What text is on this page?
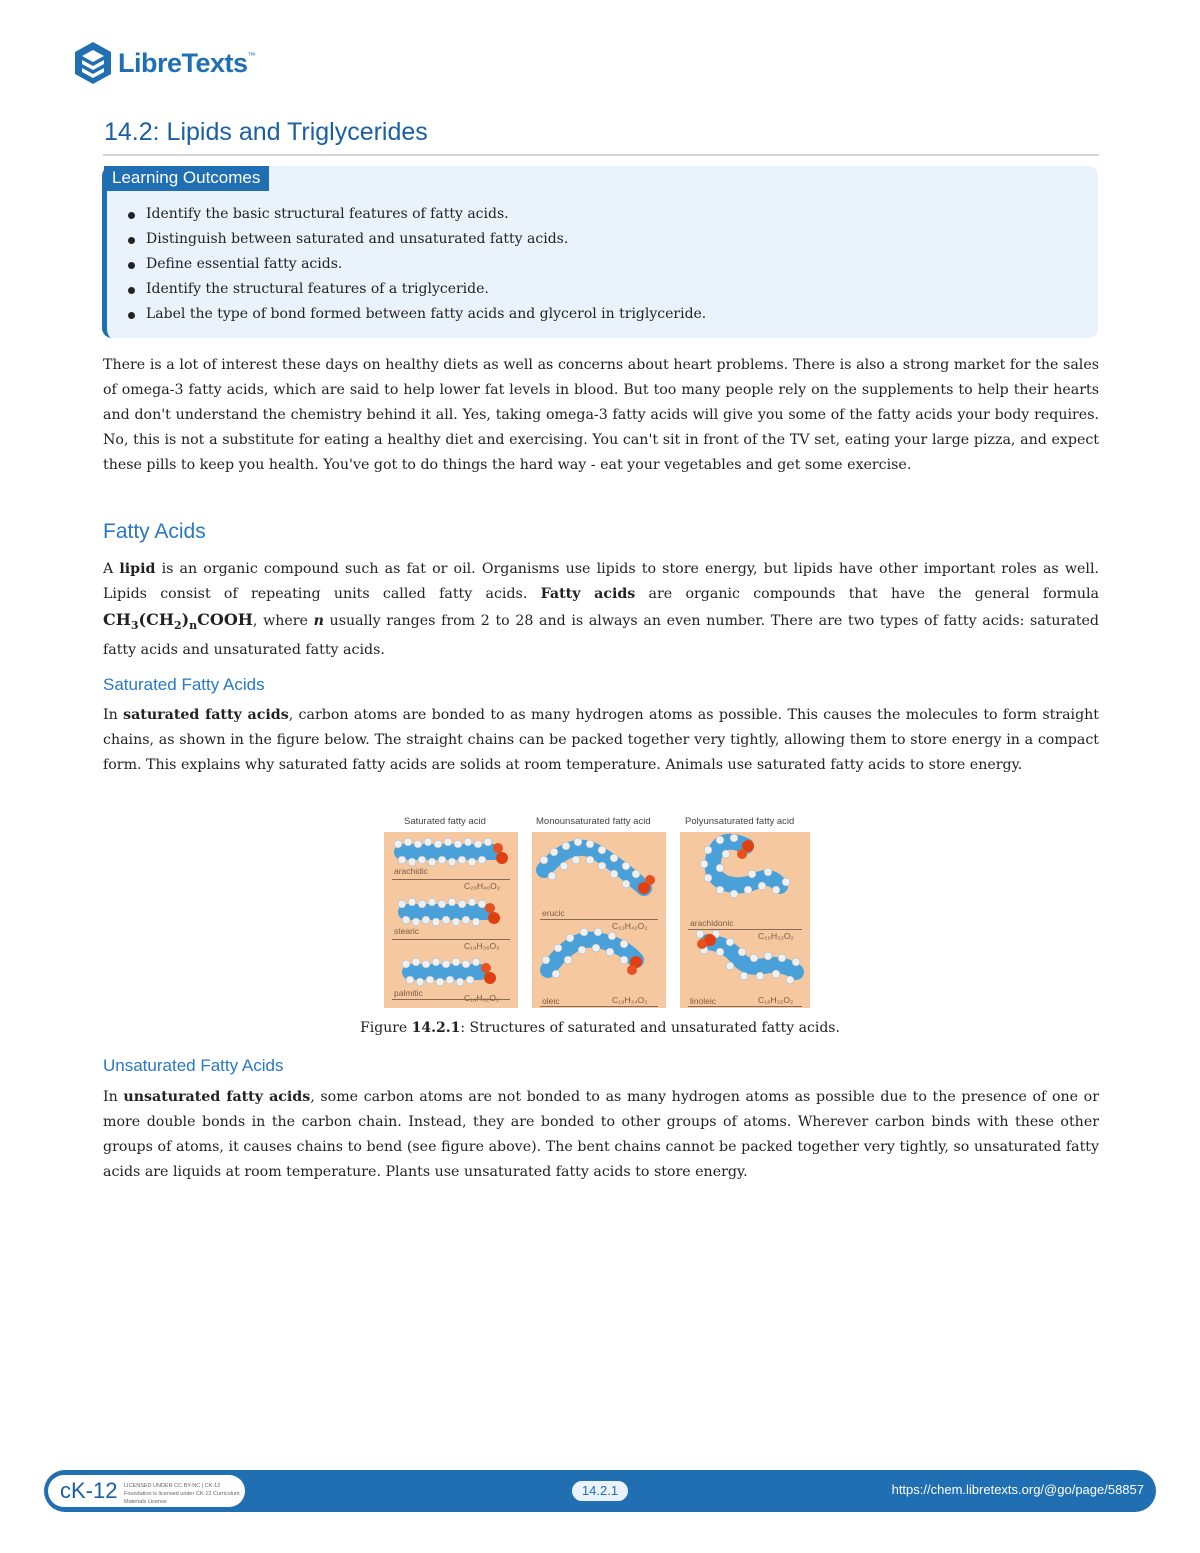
LibreTexts ™
14.2: Lipids and Triglycerides
Learning Outcomes
Identify the basic structural features of fatty acids.
Distinguish between saturated and unsaturated fatty acids.
Define essential fatty acids.
Identify the structural features of a triglyceride.
Label the type of bond formed between fatty acids and glycerol in triglyceride.

There is a lot of interest these days on healthy diets as well as concerns about heart problems. There is also a strong market for the sales of omega-3 fatty acids, which are said to help lower fat levels in blood. But too many people rely on the supplements to help their hearts and don't understand the chemistry behind it all. Yes, taking omega-3 fatty acids will give you some of the fatty acids your body requires. No, this is not a substitute for eating a healthy diet and exercising. You can't sit in front of the TV set, eating your large pizza, and expect these pills to keep you health. You've got to do things the hard way - eat your vegetables and get some exercise.

Fatty Acids

A lipid is an organic compound such as fat or oil. Organisms use lipids to store energy, but lipids have other important roles as well. Lipids consist of repeating units called fatty acids. Fatty acids are organic compounds that have the general formula $CH_3(CH_2)_nCOOH$, where n usually ranges from 2 to 28 and is always an even number. There are two types of fatty acids: saturated fatty acids and unsaturated fatty acids.

Saturated Fatty Acids

In saturated fatty acids, carbon atoms are bonded to as many hydrogen atoms as possible. This causes the molecules to form straight chains, as shown in the figure below. The straight chains can be packed together very tightly, allowing them to store energy in a compact form. This explains why saturated fatty acids are solids at room temperature. Animals use saturated fatty acids to store energy.

Saturated fatty acid	Monounsaturated fatty acid	Polyunsaturated fatty acid
arachidic
C₂₀H₄₀O₂
stearic
C₁₈H₃₆O₂
palmitic	C₁₆H₃₂O₂
erucic
C₂₂H₄₂O₂
oleic	C₁₈H₃₄O₂
arachidonic
C₂₀H₃₂O₂
linoleic	C₁₈H₃₂O₂
Figure 14.2.1: Structures of saturated and unsaturated fatty acids.
Unsaturated Fatty Acids

In unsaturated fatty acids, some carbon atoms are not bonded to as many hydrogen atoms as possible due to the presence of one or more double bonds in the carbon chain. Instead, they are bonded to other groups of atoms. Wherever carbon binds with these other groups of atoms, it causes chains to bend (see figure above). The bent chains cannot be packed together very tightly, so unsaturated fatty acids are liquids at room temperature. Plants use unsaturated fatty acids to store energy.

cK-12 LICENSED UNDER CC BY-NC | CK-12 Foundation is licensed under CK-12 Curriculum Materials License
14.2.1	https://chem.libretexts.org/@go/page/58857
